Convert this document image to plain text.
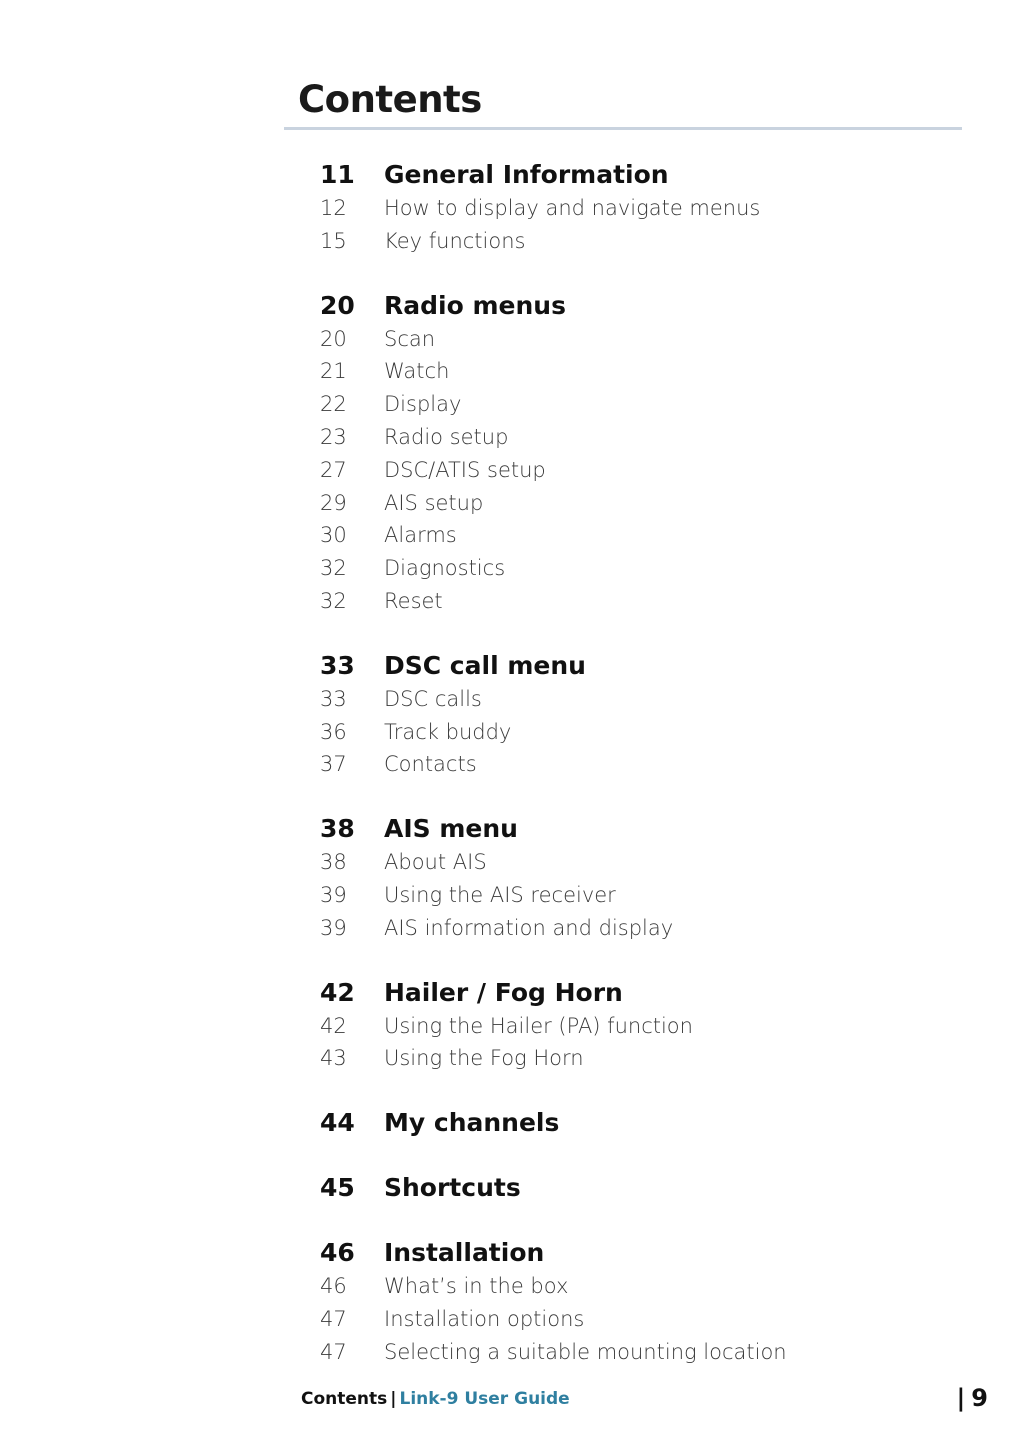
Contents
11	General Information
12	How to display and navigate menus
15	Key functions
20	Radio menus
20	Scan
21	Watch
22	Display
23	Radio setup
27	DSC/ATIS setup
29	AIS setup
30	Alarms
32	Diagnostics
32	Reset
33	DSC call menu
33	DSC calls
36	Track buddy
37	Contacts
38	AIS menu
38	About AIS
39	Using the AIS receiver
39	AIS information and display
42	Hailer / Fog Horn
42	Using the Hailer (PA) function
43	Using the Fog Horn
44	My channels
45	Shortcuts
46	Installation
46	What’s in the box
47	Installation options
47	Selecting a suitable mounting location
Contents | Link-9 User Guide	| 9
